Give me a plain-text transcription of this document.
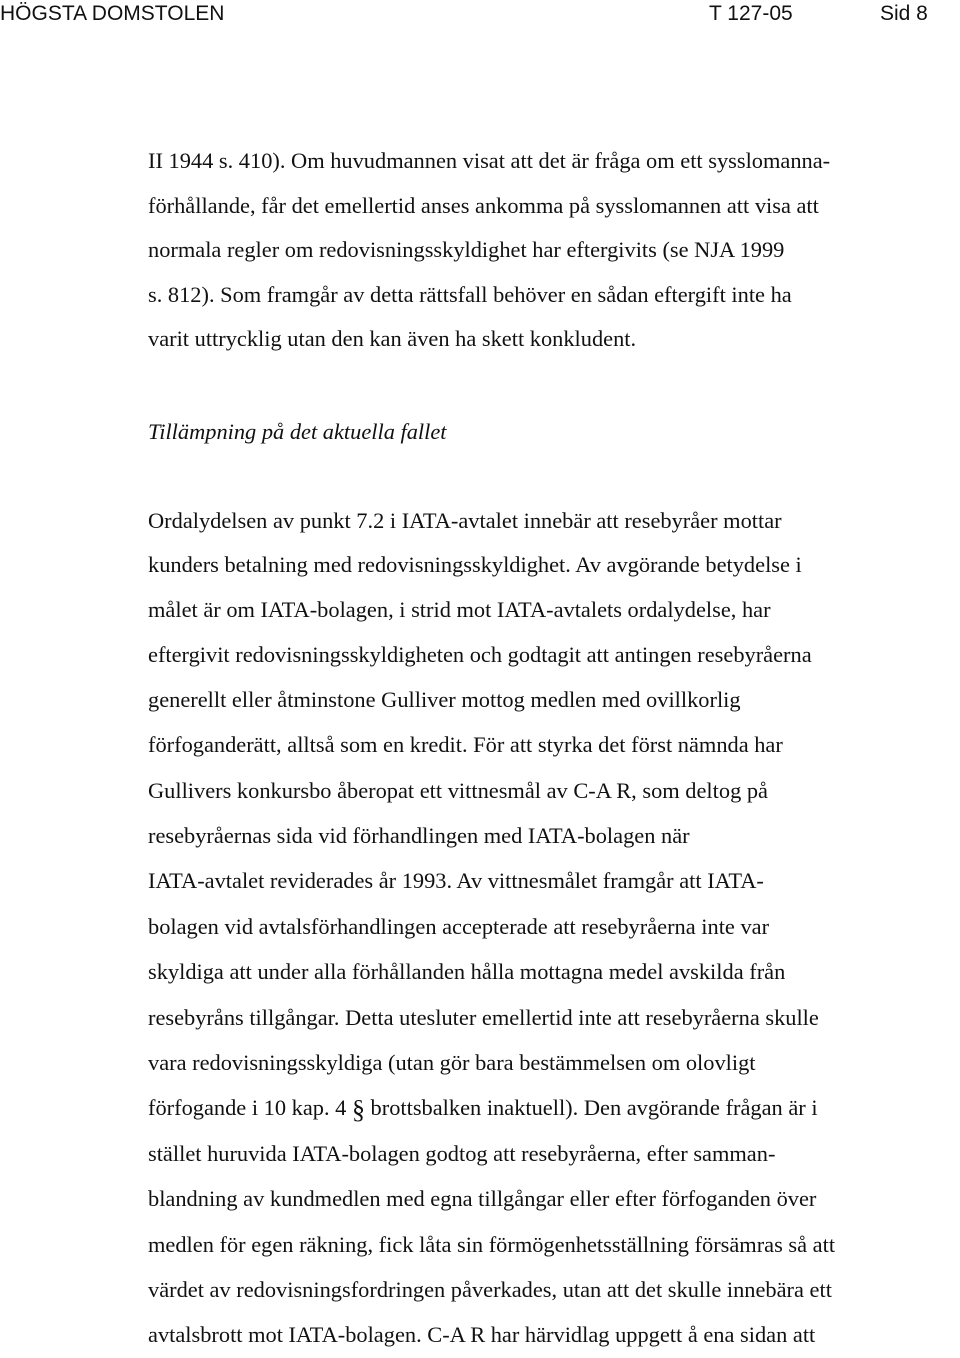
HÖGSTA DOMSTOLEN	T 127-05	Sid 8
II 1944 s. 410). Om huvudmannen visat att det är fråga om ett sysslomanna-
förhållande, får det emellertid anses ankomma på sysslomannen att visa att
normala regler om redovisningsskyldighet har eftergivits (se NJA 1999
s. 812). Som framgår av detta rättsfall behöver en sådan eftergift inte ha
varit uttrycklig utan den kan även ha skett konkludent.
Tillämpning på det aktuella fallet
Ordalydelsen av punkt 7.2 i IATA-avtalet innebär att resebyråer mottar
kunders betalning med redovisningsskyldighet. Av avgörande betydelse i
målet är om IATA-bolagen, i strid mot IATA-avtalets ordalydelse, har
eftergivit redovisningsskyldigheten och godtagit att antingen resebyråerna
generellt eller åtminstone Gulliver mottog medlen med ovillkorlig
förfoganderätt, alltså som en kredit. För att styrka det först nämnda har
Gullivers konkursbo åberopat ett vittnesmål av C-A R, som deltog på
resebyråernas sida vid förhandlingen med IATA-bolagen när
IATA-avtalet reviderades år 1993. Av vittnesmålet framgår att IATA-
bolagen vid avtalsförhandlingen accepterade att resebyråerna inte var
skyldiga att under alla förhållanden hålla mottagna medel avskilda från
resebyråns tillgångar. Detta utesluter emellertid inte att resebyråerna skulle
vara redovisningsskyldiga (utan gör bara bestämmelsen om olovligt
förfogande i 10 kap. 4 § brottsbalken inaktuell). Den avgörande frågan är i
stället huruvida IATA-bolagen godtog att resebyråerna, efter samman-
blandning av kundmedlen med egna tillgångar eller efter förfoganden över
medlen för egen räkning, fick låta sin förmögenhetsställning försämras så att
värdet av redovisningsfordringen påverkades, utan att det skulle innebära ett
avtalsbrott mot IATA-bolagen. C-A R har härvidlag uppgett å ena sidan att
